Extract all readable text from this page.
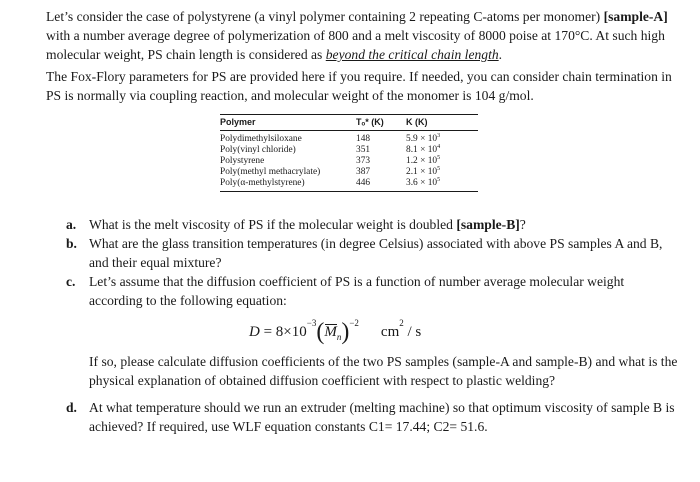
Let’s consider the case of polystyrene (a vinyl polymer containing 2 repeating C-atoms per monomer) [sample-A] with a number average degree of polymerization of 800 and a melt viscosity of 8000 poise at 170°C. At such high molecular weight, PS chain length is considered as beyond the critical chain length.

The Fox-Flory parameters for PS are provided here if you require. If needed, you can consider chain termination in PS is normally via coupling reaction, and molecular weight of the monomer is 104 g/mol.

Polymer	Tₒ* (K)	K (K)
Polydimethylsiloxane	148	$5.9 \times 10^3$
Poly(vinyl chloride)	351	$8.1 \times 10^4$
Polystyrene	373	$1.2 \times 10^5$
Poly(methyl methacrylate)	387	$2.1 \times 10^5$
Poly(α-methylstyrene)	446	$3.6 \times 10^5$
a. What is the melt viscosity of PS if the molecular weight is doubled [sample-B]?
b. What are the glass transition temperatures (in degree Celsius) associated with above PS samples A and B, and their equal mixture?
c. Let’s assume that the diffusion coefficient of PS is a function of number average molecular weight according to the following equation:
$D = 8\times 10^{-3}(M_n)^{-2}cm^2 / s$

If so, please calculate diffusion coefficients of the two PS samples (sample-A and sample-B) and what is the physical explanation of obtained diffusion coefficient with respect to plastic welding?

d. At what temperature should we run an extruder (melting machine) so that optimum viscosity of sample B is achieved? If required, use WLF equation constants C1= 17.44; C2= 51.6.
